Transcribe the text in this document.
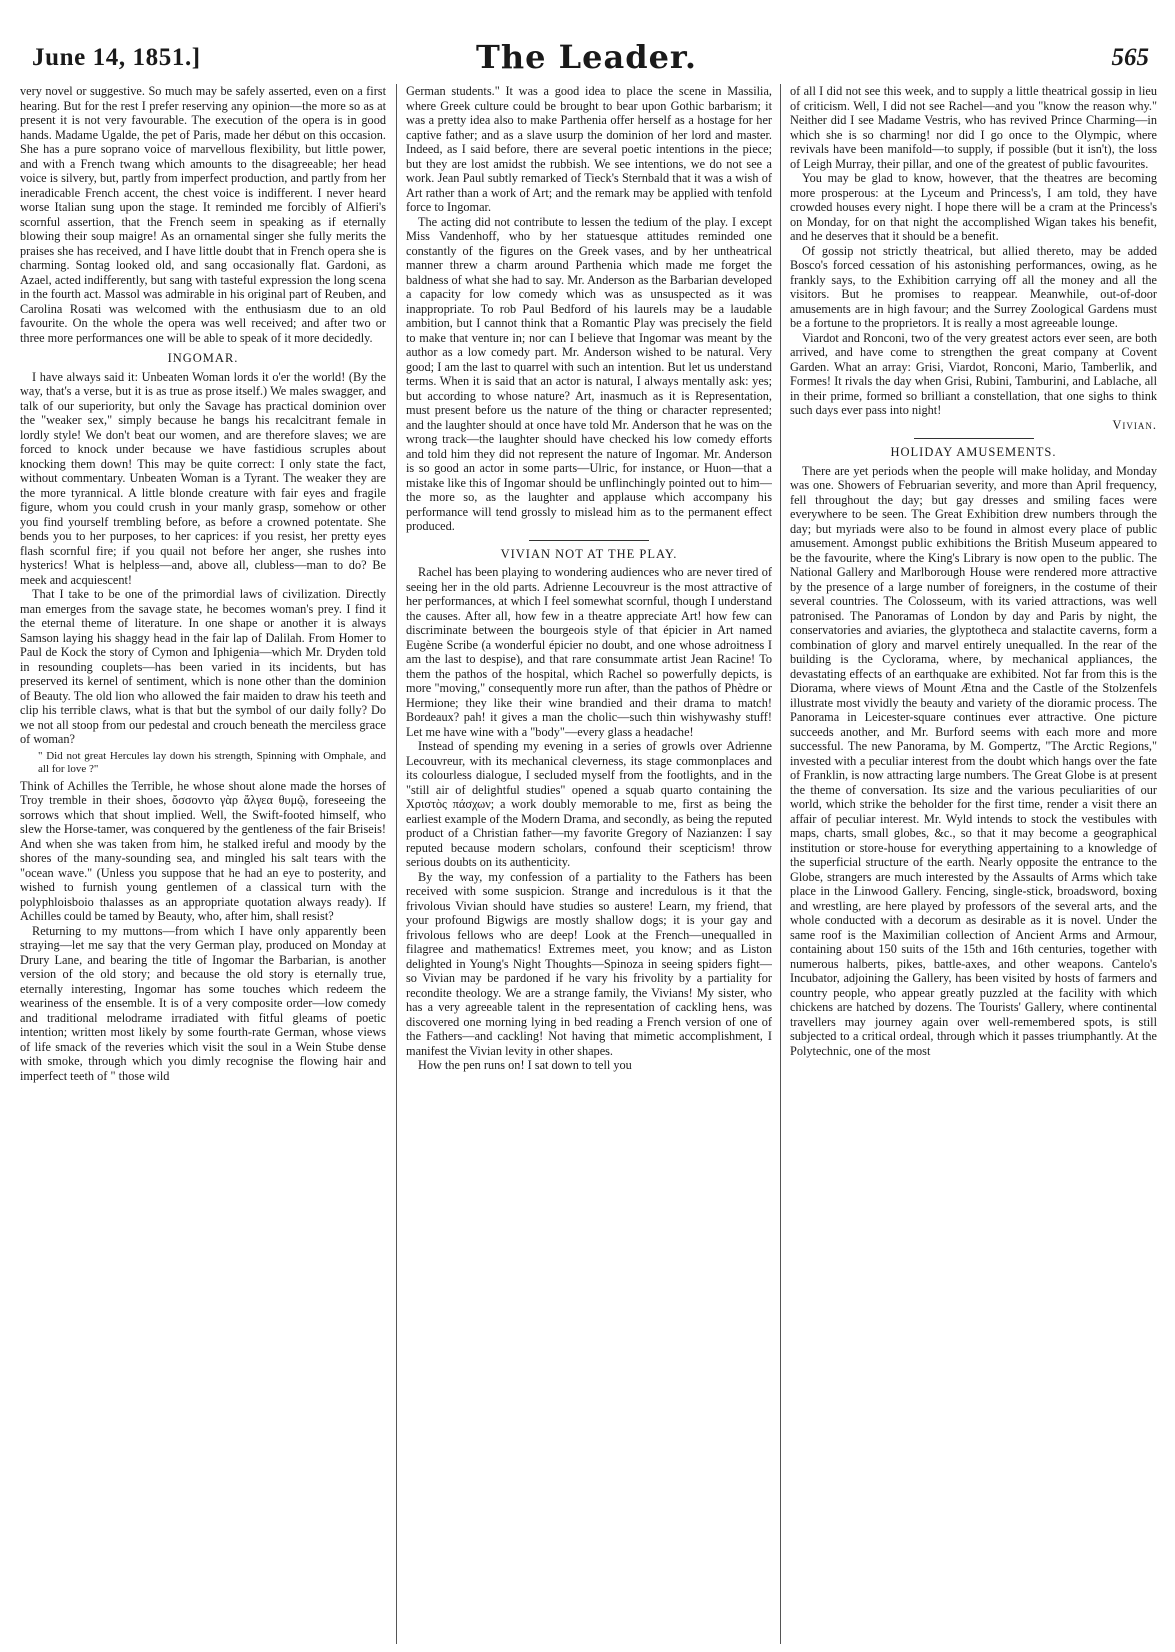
June 14, 1851.]	The Leader.	565

very novel or suggestive. So much may be safely asserted, even on a first hearing. But for the rest I prefer reserving any opinion—the more so as at present it is not very favourable. The execution of the opera is in good hands. Madame Ugalde, the pet of Paris, made her début on this occasion. She has a pure soprano voice of marvellous flexibility, but little power, and with a French twang which amounts to the disagreeable; her head voice is silvery, but, partly from imperfect production, and partly from her ineradicable French accent, the chest voice is indifferent. I never heard worse Italian sung upon the stage. It reminded me forcibly of Alfieri's scornful assertion, that the French seem in speaking as if eternally blowing their soup maigre! As an ornamental singer she fully merits the praises she has received, and I have little doubt that in French opera she is charming. Sontag looked old, and sang occasionally flat. Gardoni, as Azael, acted indifferently, but sang with tasteful expression the long scena in the fourth act. Massol was admirable in his original part of Reuben, and Carolina Rosati was welcomed with the enthusiasm due to an old favourite. On the whole the opera was well received; and after two or three more performances one will be able to speak of it more decidedly.

INGOMAR.

I have always said it: Unbeaten Woman lords it o'er the world! (By the way, that's a verse, but it is as true as prose itself.) We males swagger, and talk of our superiority, but only the Savage has practical dominion over the "weaker sex," simply because he bangs his recalcitrant female in lordly style! We don't beat our women, and are therefore slaves; we are forced to knock under because we have fastidious scruples about knocking them down! This may be quite correct: I only state the fact, without commentary. Unbeaten Woman is a Tyrant. The weaker they are the more tyrannical. A little blonde creature with fair eyes and fragile figure, whom you could crush in your manly grasp, somehow or other you find yourself trembling before, as before a crowned potentate. She bends you to her purposes, to her caprices: if you resist, her pretty eyes flash scornful fire; if you quail not before her anger, she rushes into hysterics! What is helpless—and, above all, clubless—man to do? Be meek and acquiescent!

That I take to be one of the primordial laws of civilization. Directly man emerges from the savage state, he becomes woman's prey. I find it the eternal theme of literature. In one shape or another it is always Samson laying his shaggy head in the fair lap of Dalilah. From Homer to Paul de Kock the story of Cymon and Iphigenia—which Mr. Dryden told in resounding couplets—has been varied in its incidents, but has preserved its kernel of sentiment, which is none other than the dominion of Beauty. The old lion who allowed the fair maiden to draw his teeth and clip his terrible claws, what is that but the symbol of our daily folly? Do we not all stoop from our pedestal and crouch beneath the merciless grace of woman?

" Did not great Hercules lay down his strength, Spinning with Omphale, and all for love ?"

Think of Achilles the Terrible, he whose shout alone made the horses of Troy tremble in their shoes, ὄσσοντο γὰρ ἄλγεα θυμῷ, foreseeing the sorrows which that shout implied. Well, the Swift-footed himself, who slew the Horse-tamer, was conquered by the gentleness of the fair Briseis! And when she was taken from him, he stalked ireful and moody by the shores of the many-sounding sea, and mingled his salt tears with the "ocean wave." (Unless you suppose that he had an eye to posterity, and wished to furnish young gentlemen of a classical turn with the polyphloisboio thalasses as an appropriate quotation always ready). If Achilles could be tamed by Beauty, who, after him, shall resist?

Returning to my muttons—from which I have only apparently been straying—let me say that the very German play, produced on Monday at Drury Lane, and bearing the title of Ingomar the Barbarian, is another version of the old story; and because the old story is eternally true, eternally interesting, Ingomar has some touches which redeem the weariness of the ensemble. It is of a very composite order—low comedy and traditional melodrame irradiated with fitful gleams of poetic intention; written most likely by some fourth-rate German, whose views of life smack of the reveries which visit the soul in a Wein Stube dense with smoke, through which you dimly recognise the flowing hair and imperfect teeth of " those wild

German students." It was a good idea to place the scene in Massilia, where Greek culture could be brought to bear upon Gothic barbarism; it was a pretty idea also to make Parthenia offer herself as a hostage for her captive father; and as a slave usurp the dominion of her lord and master. Indeed, as I said before, there are several poetic intentions in the piece; but they are lost amidst the rubbish. We see intentions, we do not see a work. Jean Paul subtly remarked of Tieck's Sternbald that it was a wish of Art rather than a work of Art; and the remark may be applied with tenfold force to Ingomar.

The acting did not contribute to lessen the tedium of the play. I except Miss Vandenhoff, who by her statuesque attitudes reminded one constantly of the figures on the Greek vases, and by her untheatrical manner threw a charm around Parthenia which made me forget the baldness of what she had to say. Mr. Anderson as the Barbarian developed a capacity for low comedy which was as unsuspected as it was inappropriate. To rob Paul Bedford of his laurels may be a laudable ambition, but I cannot think that a Romantic Play was precisely the field to make that venture in; nor can I believe that Ingomar was meant by the author as a low comedy part. Mr. Anderson wished to be natural. Very good; I am the last to quarrel with such an intention. But let us understand terms. When it is said that an actor is natural, I always mentally ask: yes; but according to whose nature? Art, inasmuch as it is Representation, must present before us the nature of the thing or character represented; and the laughter should at once have told Mr. Anderson that he was on the wrong track—the laughter should have checked his low comedy efforts and told him they did not represent the nature of Ingomar. Mr. Anderson is so good an actor in some parts—Ulric, for instance, or Huon—that a mistake like this of Ingomar should be unflinchingly pointed out to him—the more so, as the laughter and applause which accompany his performance will tend grossly to mislead him as to the permanent effect produced.

VIVIAN NOT AT THE PLAY.

Rachel has been playing to wondering audiences who are never tired of seeing her in the old parts. Adrienne Lecouvreur is the most attractive of her performances, at which I feel somewhat scornful, though I understand the causes. After all, how few in a theatre appreciate Art! how few can discriminate between the bourgeois style of that épicier in Art named Eugène Scribe (a wonderful épicier no doubt, and one whose adroitness I am the last to despise), and that rare consummate artist Jean Racine! To them the pathos of the hospital, which Rachel so powerfully depicts, is more "moving," consequently more run after, than the pathos of Phèdre or Hermione; they like their wine brandied and their drama to match! Bordeaux? pah! it gives a man the cholic—such thin wishywashy stuff! Let me have wine with a "body"—every glass a headache!

Instead of spending my evening in a series of growls over Adrienne Lecouvreur, with its mechanical cleverness, its stage commonplaces and its colourless dialogue, I secluded myself from the footlights, and in the "still air of delightful studies" opened a squab quarto containing the Χριστὸς πάσχων; a work doubly memorable to me, first as being the earliest example of the Modern Drama, and secondly, as being the reputed product of a Christian father—my favorite Gregory of Nazianzen: I say reputed because modern scholars, confound their scepticism! throw serious doubts on its authenticity.

By the way, my confession of a partiality to the Fathers has been received with some suspicion. Strange and incredulous is it that the frivolous Vivian should have studies so austere! Learn, my friend, that your profound Bigwigs are mostly shallow dogs; it is your gay and frivolous fellows who are deep! Look at the French—unequalled in filagree and mathematics! Extremes meet, you know; and as Liston delighted in Young's Night Thoughts—Spinoza in seeing spiders fight—so Vivian may be pardoned if he vary his frivolity by a partiality for recondite theology. We are a strange family, the Vivians! My sister, who has a very agreeable talent in the representation of cackling hens, was discovered one morning lying in bed reading a French version of one of the Fathers—and cackling! Not having that mimetic accomplishment, I manifest the Vivian levity in other shapes.

How the pen runs on! I sat down to tell you

of all I did not see this week, and to supply a little theatrical gossip in lieu of criticism. Well, I did not see Rachel—and you "know the reason why." Neither did I see Madame Vestris, who has revived Prince Charming—in which she is so charming! nor did I go once to the Olympic, where revivals have been manifold—to supply, if possible (but it isn't), the loss of Leigh Murray, their pillar, and one of the greatest of public favourites.

You may be glad to know, however, that the theatres are becoming more prosperous: at the Lyceum and Princess's, I am told, they have crowded houses every night. I hope there will be a cram at the Princess's on Monday, for on that night the accomplished Wigan takes his benefit, and he deserves that it should be a benefit.

Of gossip not strictly theatrical, but allied thereto, may be added Bosco's forced cessation of his astonishing performances, owing, as he frankly says, to the Exhibition carrying off all the money and all the visitors. But he promises to reappear. Meanwhile, out-of-door amusements are in high favour; and the Surrey Zoological Gardens must be a fortune to the proprietors. It is really a most agreeable lounge.

Viardot and Ronconi, two of the very greatest actors ever seen, are both arrived, and have come to strengthen the great company at Covent Garden. What an array: Grisi, Viardot, Ronconi, Mario, Tamberlik, and Formes! It rivals the day when Grisi, Rubini, Tamburini, and Lablache, all in their prime, formed so brilliant a constellation, that one sighs to think such days ever pass into night!

Vivian.

HOLIDAY AMUSEMENTS.

There are yet periods when the people will make holiday, and Monday was one. Showers of Februarian severity, and more than April frequency, fell throughout the day; but gay dresses and smiling faces were everywhere to be seen. The Great Exhibition drew numbers through the day; but myriads were also to be found in almost every place of public amusement. Amongst public exhibitions the British Museum appeared to be the favourite, where the King's Library is now open to the public. The National Gallery and Marlborough House were rendered more attractive by the presence of a large number of foreigners, in the costume of their several countries. The Colosseum, with its varied attractions, was well patronised. The Panoramas of London by day and Paris by night, the conservatories and aviaries, the glyptotheca and stalactite caverns, form a combination of glory and marvel entirely unequalled. In the rear of the building is the Cyclorama, where, by mechanical appliances, the devastating effects of an earthquake are exhibited. Not far from this is the Diorama, where views of Mount Ætna and the Castle of the Stolzenfels illustrate most vividly the beauty and variety of the dioramic process. The Panorama in Leicester-square continues ever attractive. One picture succeeds another, and Mr. Burford seems with each more and more successful. The new Panorama, by M. Gompertz, "The Arctic Regions," invested with a peculiar interest from the doubt which hangs over the fate of Franklin, is now attracting large numbers. The Great Globe is at present the theme of conversation. Its size and the various peculiarities of our world, which strike the beholder for the first time, render a visit there an affair of peculiar interest. Mr. Wyld intends to stock the vestibules with maps, charts, small globes, &c., so that it may become a geographical institution or store-house for everything appertaining to a knowledge of the superficial structure of the earth. Nearly opposite the entrance to the Globe, strangers are much interested by the Assaults of Arms which take place in the Linwood Gallery. Fencing, single-stick, broadsword, boxing and wrestling, are here played by professors of the several arts, and the whole conducted with a decorum as desirable as it is novel. Under the same roof is the Maximilian collection of Ancient Arms and Armour, containing about 150 suits of the 15th and 16th centuries, together with numerous halberts, pikes, battle-axes, and other weapons. Cantelo's Incubator, adjoining the Gallery, has been visited by hosts of farmers and country people, who appear greatly puzzled at the facility with which chickens are hatched by dozens. The Tourists' Gallery, where continental travellers may journey again over well-remembered spots, is still subjected to a critical ordeal, through which it passes triumphantly. At the Polytechnic, one of the most
